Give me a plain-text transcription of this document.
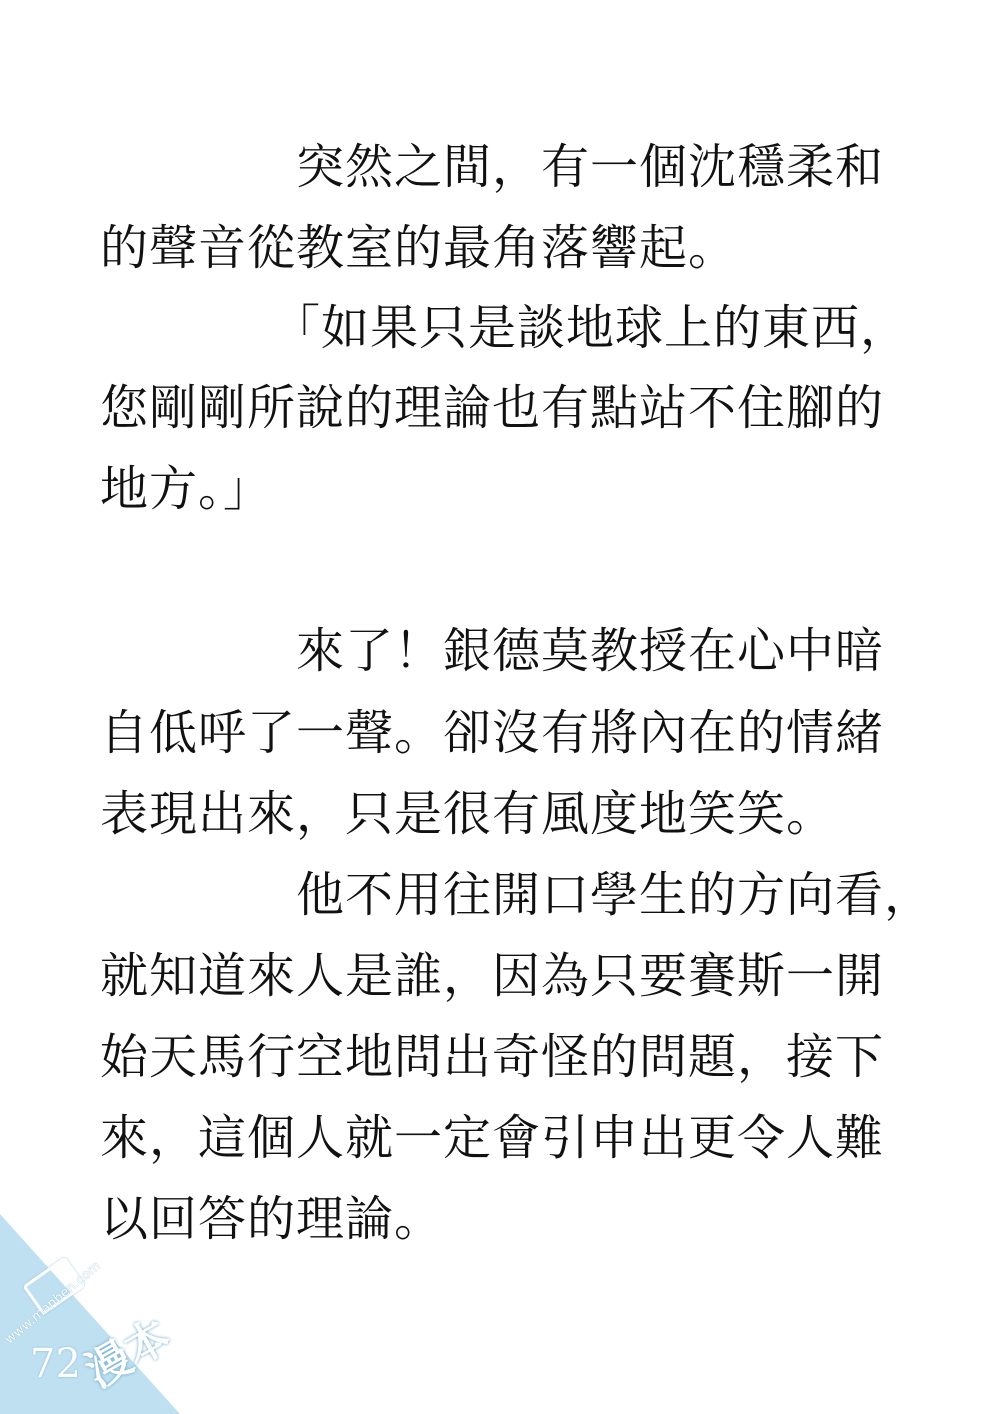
　　　　突然之間，有一個沈穩柔和
的聲音從教室的最角落響起。
　　　　「如果只是談地球上的東西，
您剛剛所說的理論也有點站不住腳的
地方。」
　　　　來了！銀德莫教授在心中暗
自低呼了一聲。卻沒有將內在的情緒
表現出來，只是很有風度地笑笑。
　　　　他不用往開口學生的方向看，
就知道來人是誰，因為只要賽斯一開
始天馬行空地問出奇怪的問題，接下
來，這個人就一定會引申出更令人難
以回答的理論。
www.manben.com
漫本
72
